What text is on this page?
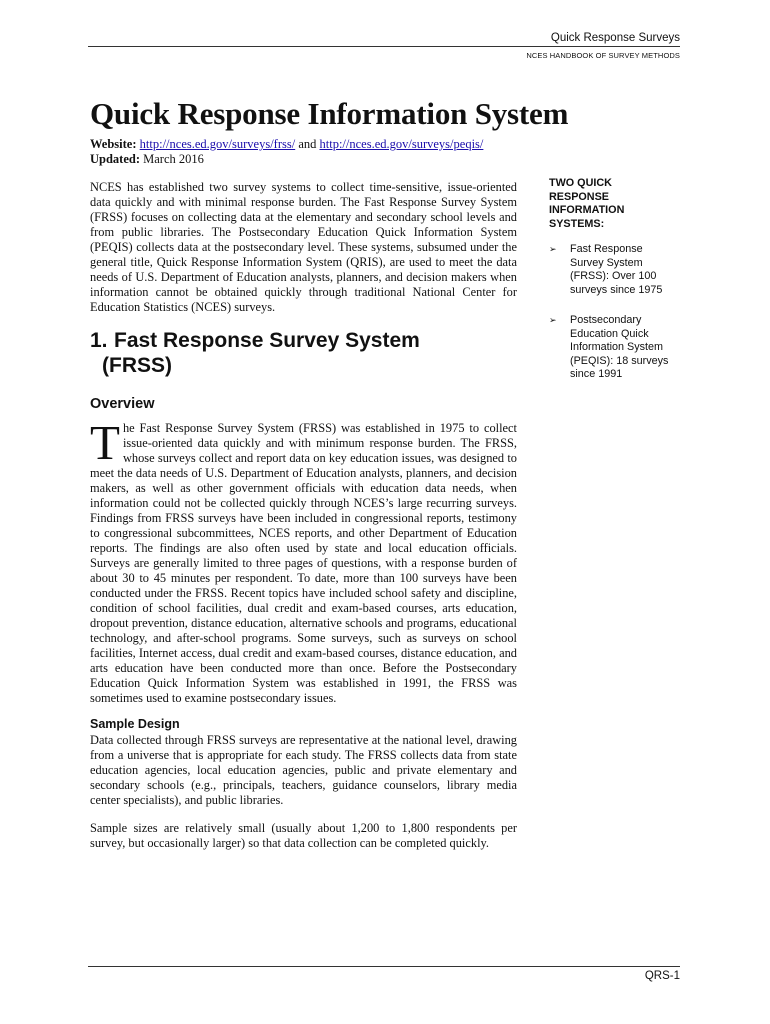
Quick Response Surveys
NCES HANDBOOK OF SURVEY METHODS
Quick Response Information System
Website: http://nces.ed.gov/surveys/frss/ and http://nces.ed.gov/surveys/peqis/
Updated: March 2016

NCES has established two survey systems to collect time-sensitive, issue-oriented data quickly and with minimal response burden. The Fast Response Survey System (FRSS) focuses on collecting data at the elementary and secondary school levels and from public libraries. The Postsecondary Education Quick Information System (PEQIS) collects data at the postsecondary level. These systems, subsumed under the general title, Quick Response Information System (QRIS), are used to meet the data needs of U.S. Department of Education analysts, planners, and decision makers when information cannot be obtained quickly through traditional National Center for Education Statistics (NCES) surveys.

1. Fast Response Survey System
(FRSS)
Overview

The Fast Response Survey System (FRSS) was established in 1975 to collect issue-oriented data quickly and with minimum response burden. The FRSS, whose surveys collect and report data on key education issues, was designed to meet the data needs of U.S. Department of Education analysts, planners, and decision makers, as well as other government officials with education data needs, when information could not be collected quickly through NCES’s large recurring surveys. Findings from FRSS surveys have been included in congressional reports, testimony to congressional subcommittees, NCES reports, and other Department of Education reports. The findings are also often used by state and local education officials. Surveys are generally limited to three pages of questions, with a response burden of about 30 to 45 minutes per respondent. To date, more than 100 surveys have been conducted under the FRSS. Recent topics have included school safety and discipline, condition of school facilities, dual credit and exam-based courses, arts education, dropout prevention, distance education, alternative schools and programs, educational technology, and after-school programs. Some surveys, such as surveys on school facilities, Internet access, dual credit and exam-based courses, distance education, and arts education have been conducted more than once. Before the Postsecondary Education Quick Information System was established in 1991, the FRSS was sometimes used to examine postsecondary issues.

Sample Design

Data collected through FRSS surveys are representative at the national level, drawing from a universe that is appropriate for each study. The FRSS collects data from state education agencies, local education agencies, public and private elementary and secondary schools (e.g., principals, teachers, guidance counselors, library media center specialists), and public libraries.

Sample sizes are relatively small (usually about 1,200 to 1,800 respondents per survey, but occasionally larger) so that data collection can be completed quickly.

TWO QUICK RESPONSE INFORMATION SYSTEMS:
➢ Fast Response Survey System (FRSS): Over 100 surveys since 1975
➢ Postsecondary Education Quick Information System (PEQIS): 18 surveys since 1991
QRS-1
